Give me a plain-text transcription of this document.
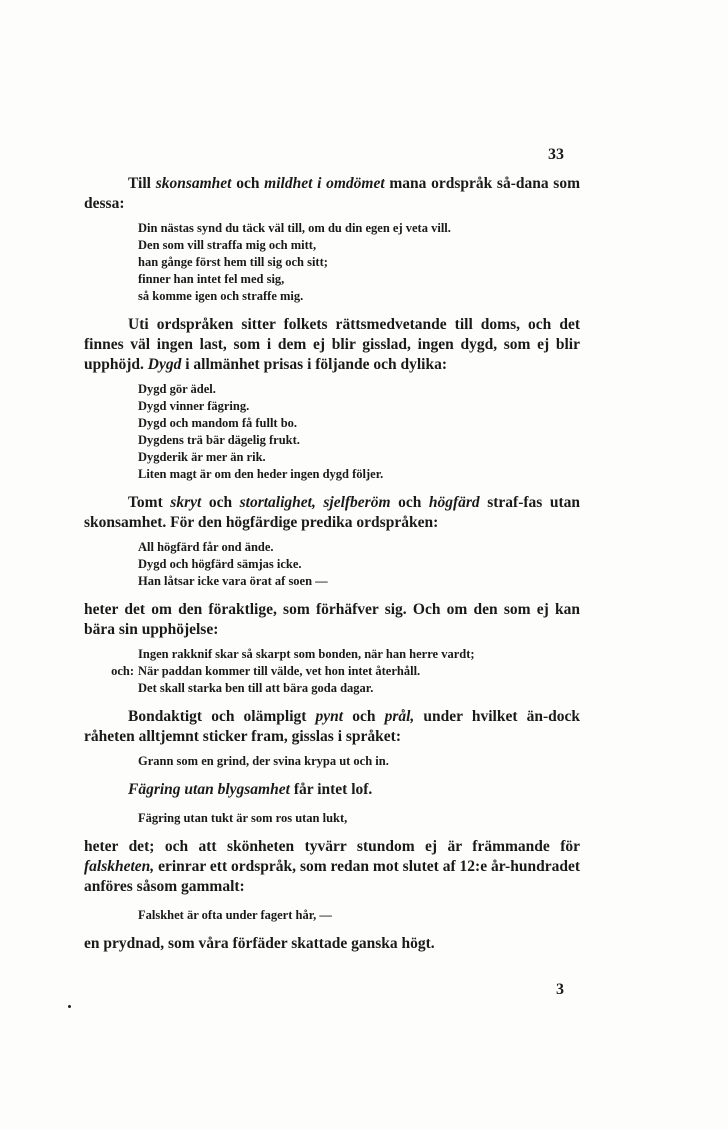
33

Till skonsamhet och mildhet i omdömet mana ordspråk så-dana som dessa:

Din nästas synd du täck väl till, om du din egen ej veta vill.
Den som vill straffa mig och mitt,
han gånge först hem till sig och sitt;
finner han intet fel med sig,
så komme igen och straffe mig.

Uti ordspråken sitter folkets rättsmedvetande till doms, och det finnes väl ingen last, som i dem ej blir gisslad, ingen dygd, som ej blir upphöjd. Dygd i allmänhet prisas i följande och dylika:

Dygd gör ädel.
Dygd vinner fägring.
Dygd och mandom få fullt bo.
Dygdens trä bär dägelig frukt.
Dygderik är mer än rik.
Liten magt är om den heder ingen dygd följer.

Tomt skryt och stortalighet, sjelfberöm och högfärd straf-fas utan skonsamhet. För den högfärdige predika ordspråken:

All högfärd får ond ände.
Dygd och högfärd sämjas icke.
Han låtsar icke vara örat af soen —

heter det om den föraktlige, som förhäfver sig. Och om den som ej kan bära sin upphöjelse:

Ingen rakknif skar så skarpt som bonden, när han herre vardt;
och: När paddan kommer till välde, vet hon intet återhåll.
Det skall starka ben till att bära goda dagar.

Bondaktigt och olämpligt pynt och prål, under hvilket än-dock råheten alltjemnt sticker fram, gisslas i språket:

Grann som en grind, der svina krypa ut och in.

Fägring utan blygsamhet får intet lof.

Fägring utan tukt är som ros utan lukt,

heter det; och att skönheten tyvärr stundom ej är främmande för falskheten, erinrar ett ordspråk, som redan mot slutet af 12:e år-hundradet anföres såsom gammalt:

Falskhet är ofta under fagert hår, —

en prydnad, som våra förfäder skattade ganska högt.

3
